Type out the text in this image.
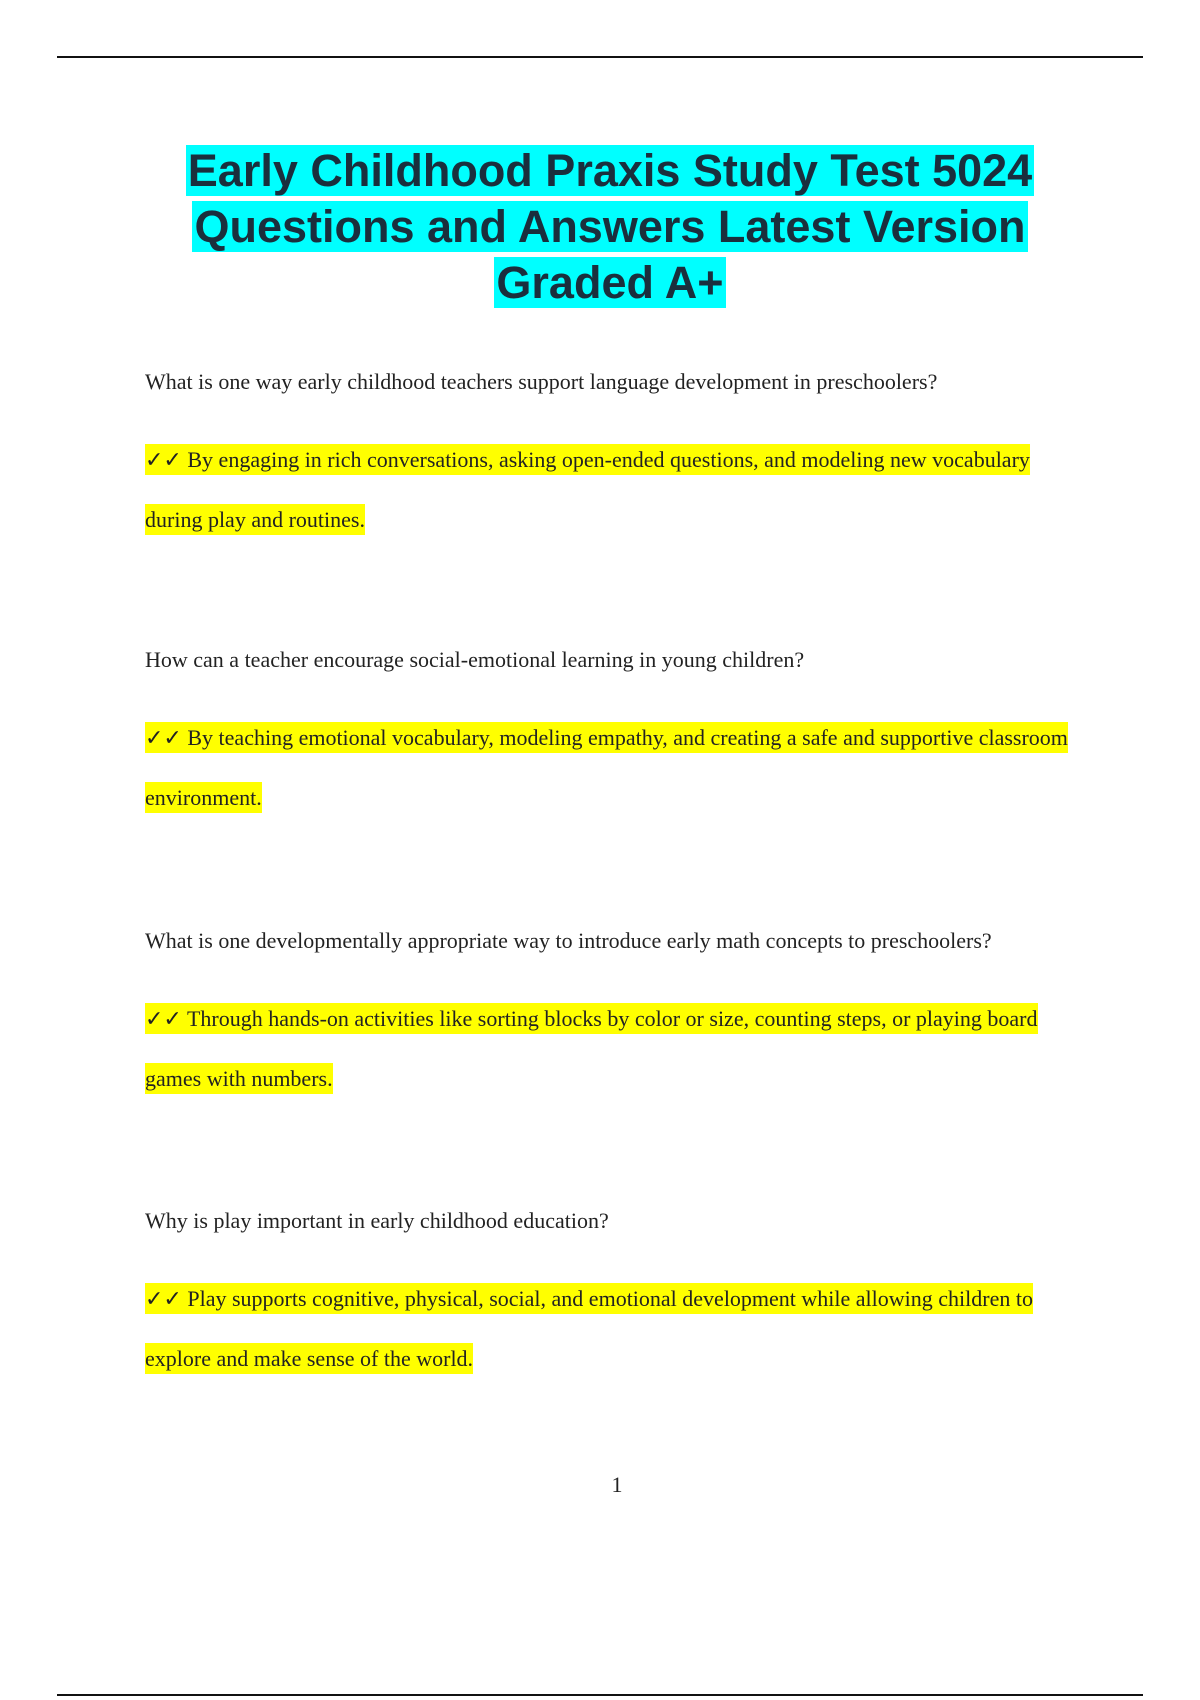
Early Childhood Praxis Study Test 5024
Questions and Answers Latest Version
Graded A+

What is one way early childhood teachers support language development in preschoolers?

✓✓ By engaging in rich conversations, asking open-ended questions, and modeling new vocabulary during play and routines.

How can a teacher encourage social-emotional learning in young children?

✓✓ By teaching emotional vocabulary, modeling empathy, and creating a safe and supportive classroom environment.

What is one developmentally appropriate way to introduce early math concepts to preschoolers?

✓✓ Through hands-on activities like sorting blocks by color or size, counting steps, or playing board games with numbers.

Why is play important in early childhood education?

✓✓ Play supports cognitive, physical, social, and emotional development while allowing children to explore and make sense of the world.

1
